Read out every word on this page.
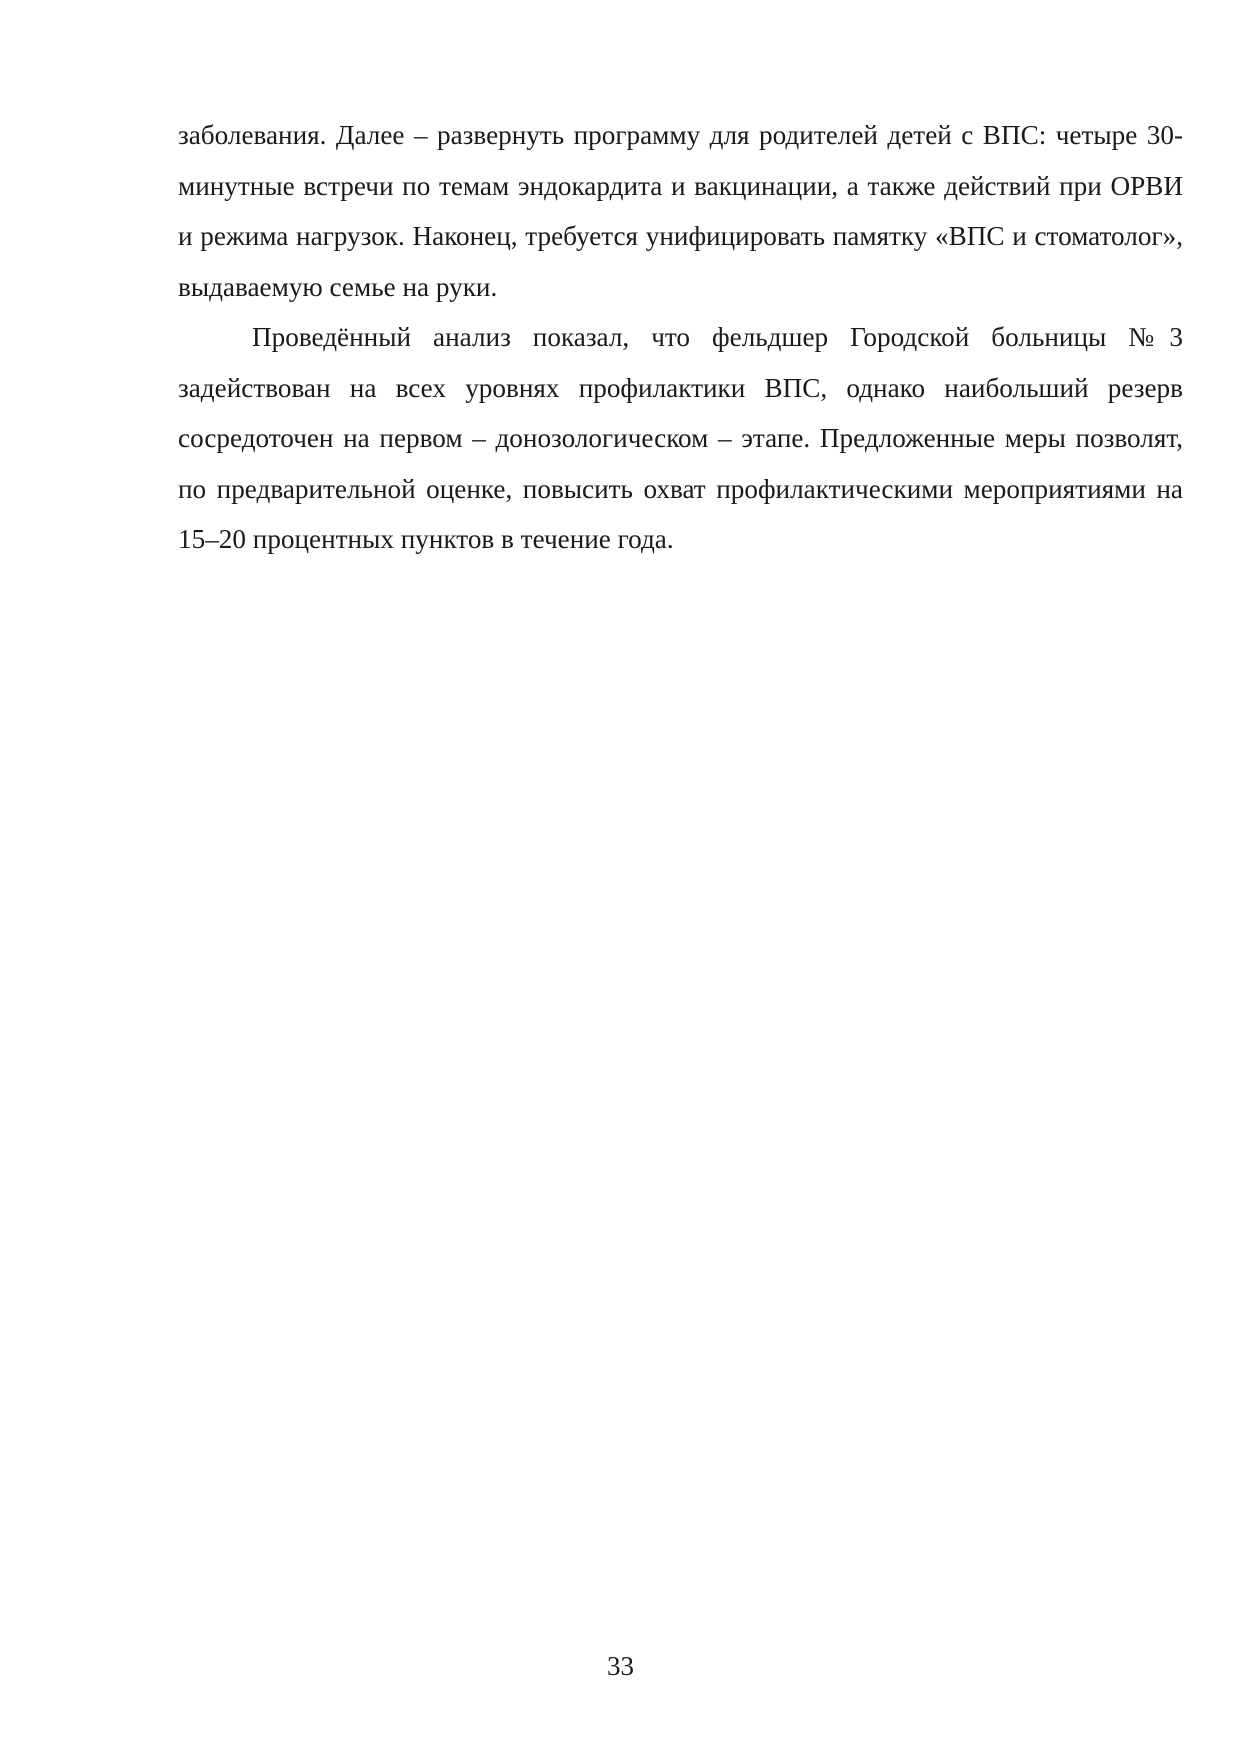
заболевания. Далее – развернуть программу для родителей детей с ВПС: четыре 30-минутные встречи по темам эндокардита и вакцинации, а также действий при ОРВИ и режима нагрузок. Наконец, требуется унифицировать памятку «ВПС и стоматолог», выдаваемую семье на руки.

Проведённый анализ показал, что фельдшер Городской больницы №3 задействован на всех уровнях профилактики ВПС, однако наибольший резерв сосредоточен на первом – донозологическом – этапе. Предложенные меры позволят, по предварительной оценке, повысить охват профилактическими мероприятиями на 15–20 процентных пунктов в течение года.

33
